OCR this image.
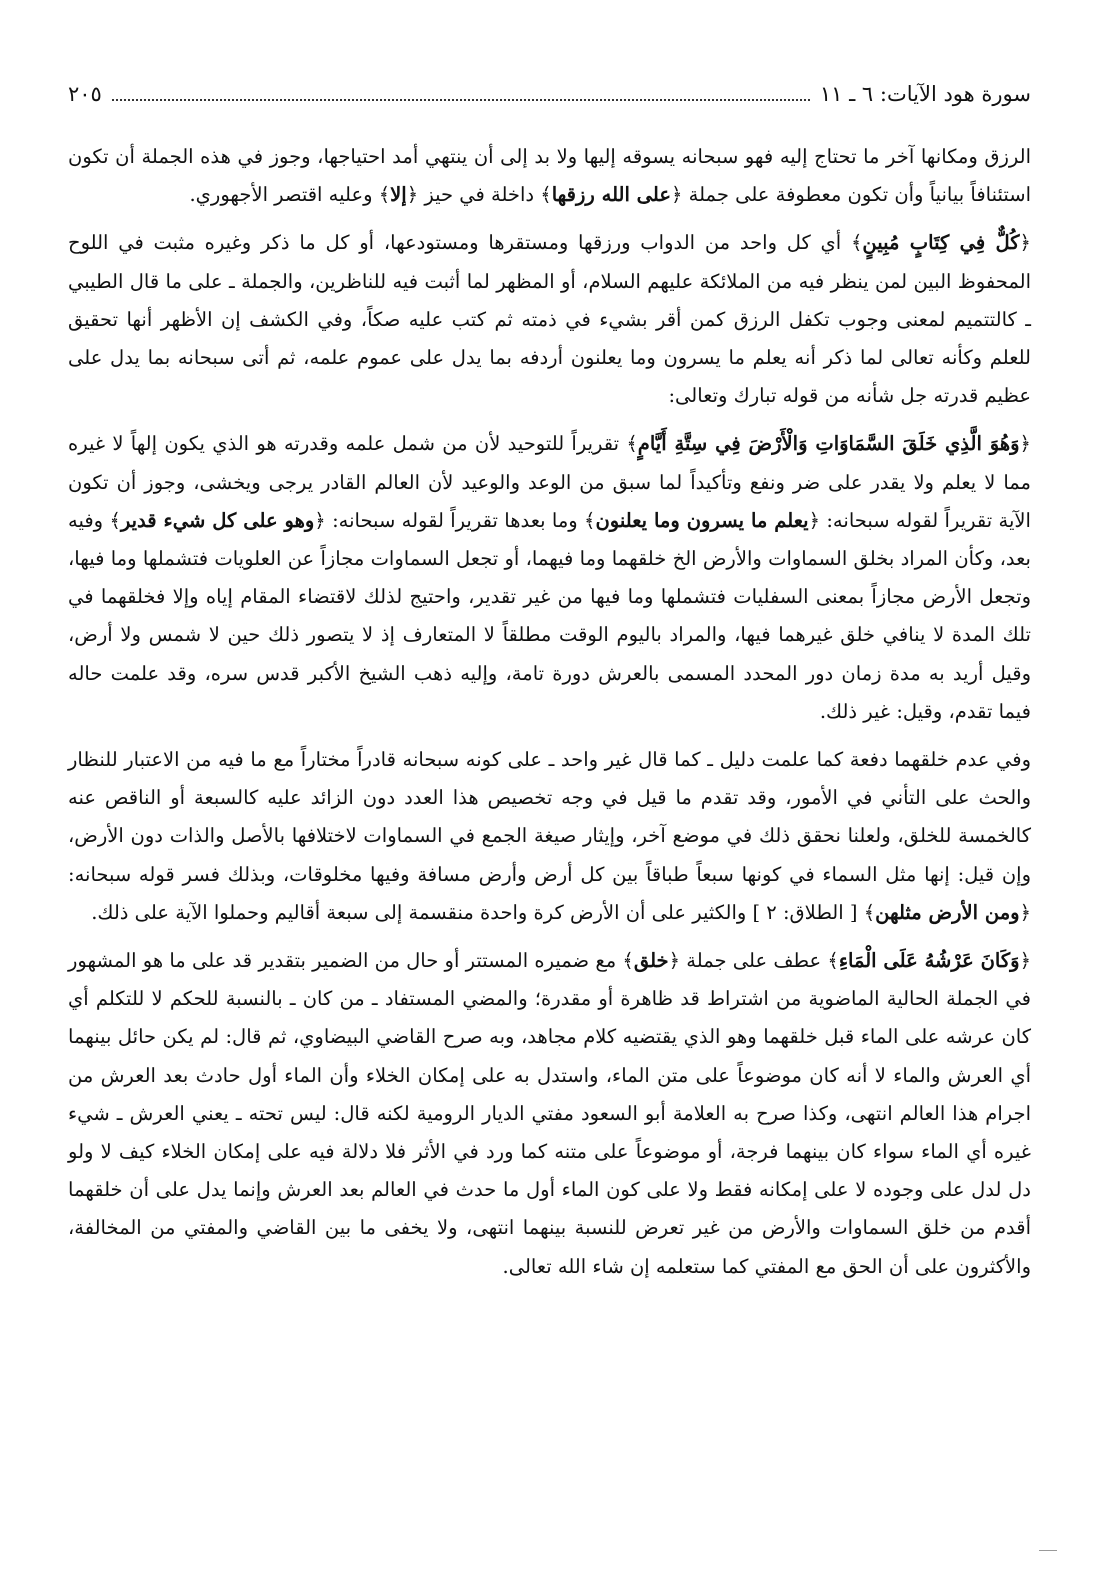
سورة هود الآيات: ٦ ـ ١١
٢٠٥

الرزق ومكانها آخر ما تحتاج إليه فهو سبحانه يسوقه إليها ولا بد إلى أن ينتهي أمد احتياجها، وجوز في هذه الجملة أن تكون استئنافاً بيانياً وأن تكون معطوفة على جملة ﴿على الله رزقها﴾ داخلة في حيز ﴿إلا﴾ وعليه اقتصر الأجهوري.

﴿كُلٌّ فِي كِتَابٍ مُبِينٍ﴾ أي كل واحد من الدواب ورزقها ومستقرها ومستودعها، أو كل ما ذكر وغيره مثبت في اللوح المحفوظ البين لمن ينظر فيه من الملائكة عليهم السلام، أو المظهر لما أثبت فيه للناظرين، والجملة ـ على ما قال الطيبي ـ كالتتميم لمعنى وجوب تكفل الرزق كمن أقر بشيء في ذمته ثم كتب عليه صكاً، وفي الكشف إن الأظهر أنها تحقيق للعلم وكأنه تعالى لما ذكر أنه يعلم ما يسرون وما يعلنون أردفه بما يدل على عموم علمه، ثم أتى سبحانه بما يدل على عظيم قدرته جل شأنه من قوله تبارك وتعالى:

﴿وَهُوَ الَّذِي خَلَقَ السَّمَاوَاتِ وَالْأَرْضَ فِي سِتَّةِ أَيَّامٍ﴾ تقريراً للتوحيد لأن من شمل علمه وقدرته هو الذي يكون إلهاً لا غيره مما لا يعلم ولا يقدر على ضر ونفع وتأكيداً لما سبق من الوعد والوعيد لأن العالم القادر يرجى ويخشى، وجوز أن تكون الآية تقريراً لقوله سبحانه: ﴿يعلم ما يسرون وما يعلنون﴾ وما بعدها تقريراً لقوله سبحانه: ﴿وهو على كل شيء قدير﴾ وفيه بعد، وكأن المراد بخلق السماوات والأرض الخ خلقهما وما فيهما، أو تجعل السماوات مجازاً عن العلويات فتشملها وما فيها، وتجعل الأرض مجازاً بمعنى السفليات فتشملها وما فيها من غير تقدير، واحتيج لذلك لاقتضاء المقام إياه وإلا فخلقهما في تلك المدة لا ينافي خلق غيرهما فيها، والمراد باليوم الوقت مطلقاً لا المتعارف إذ لا يتصور ذلك حين لا شمس ولا أرض، وقيل أريد به مدة زمان دور المحدد المسمى بالعرش دورة تامة، وإليه ذهب الشيخ الأكبر قدس سره، وقد علمت حاله فيما تقدم، وقيل: غير ذلك.

وفي عدم خلقهما دفعة كما علمت دليل ـ كما قال غير واحد ـ على كونه سبحانه قادراً مختاراً مع ما فيه من الاعتبار للنظار والحث على التأني في الأمور، وقد تقدم ما قيل في وجه تخصيص هذا العدد دون الزائد عليه كالسبعة أو الناقص عنه كالخمسة للخلق، ولعلنا نحقق ذلك في موضع آخر، وإيثار صيغة الجمع في السماوات لاختلافها بالأصل والذات دون الأرض، وإن قيل: إنها مثل السماء في كونها سبعاً طباقاً بين كل أرض وأرض مسافة وفيها مخلوقات، وبذلك فسر قوله سبحانه: ﴿ومن الأرض مثلهن﴾ [ الطلاق: ٢ ] والكثير على أن الأرض كرة واحدة منقسمة إلى سبعة أقاليم وحملوا الآية على ذلك.

﴿وَكَانَ عَرْشُهُ عَلَى الْمَاءِ﴾ عطف على جملة ﴿خلق﴾ مع ضميره المستتر أو حال من الضمير بتقدير قد على ما هو المشهور في الجملة الحالية الماضوية من اشتراط قد ظاهرة أو مقدرة؛ والمضي المستفاد ـ من كان ـ بالنسبة للحكم لا للتكلم أي كان عرشه على الماء قبل خلقهما وهو الذي يقتضيه كلام مجاهد، وبه صرح القاضي البيضاوي، ثم قال: لم يكن حائل بينهما أي العرش والماء لا أنه كان موضوعاً على متن الماء، واستدل به على إمكان الخلاء وأن الماء أول حادث بعد العرش من اجرام هذا العالم انتهى، وكذا صرح به العلامة أبو السعود مفتي الديار الرومية لكنه قال: ليس تحته ـ يعني العرش ـ شيء غيره أي الماء سواء كان بينهما فرجة، أو موضوعاً على متنه كما ورد في الأثر فلا دلالة فيه على إمكان الخلاء كيف لا ولو دل لدل على وجوده لا على إمكانه فقط ولا على كون الماء أول ما حدث في العالم بعد العرش وإنما يدل على أن خلقهما أقدم من خلق السماوات والأرض من غير تعرض للنسبة بينهما انتهى، ولا يخفى ما بين القاضي والمفتي من المخالفة، والأكثرون على أن الحق مع المفتي كما ستعلمه إن شاء الله تعالى.
